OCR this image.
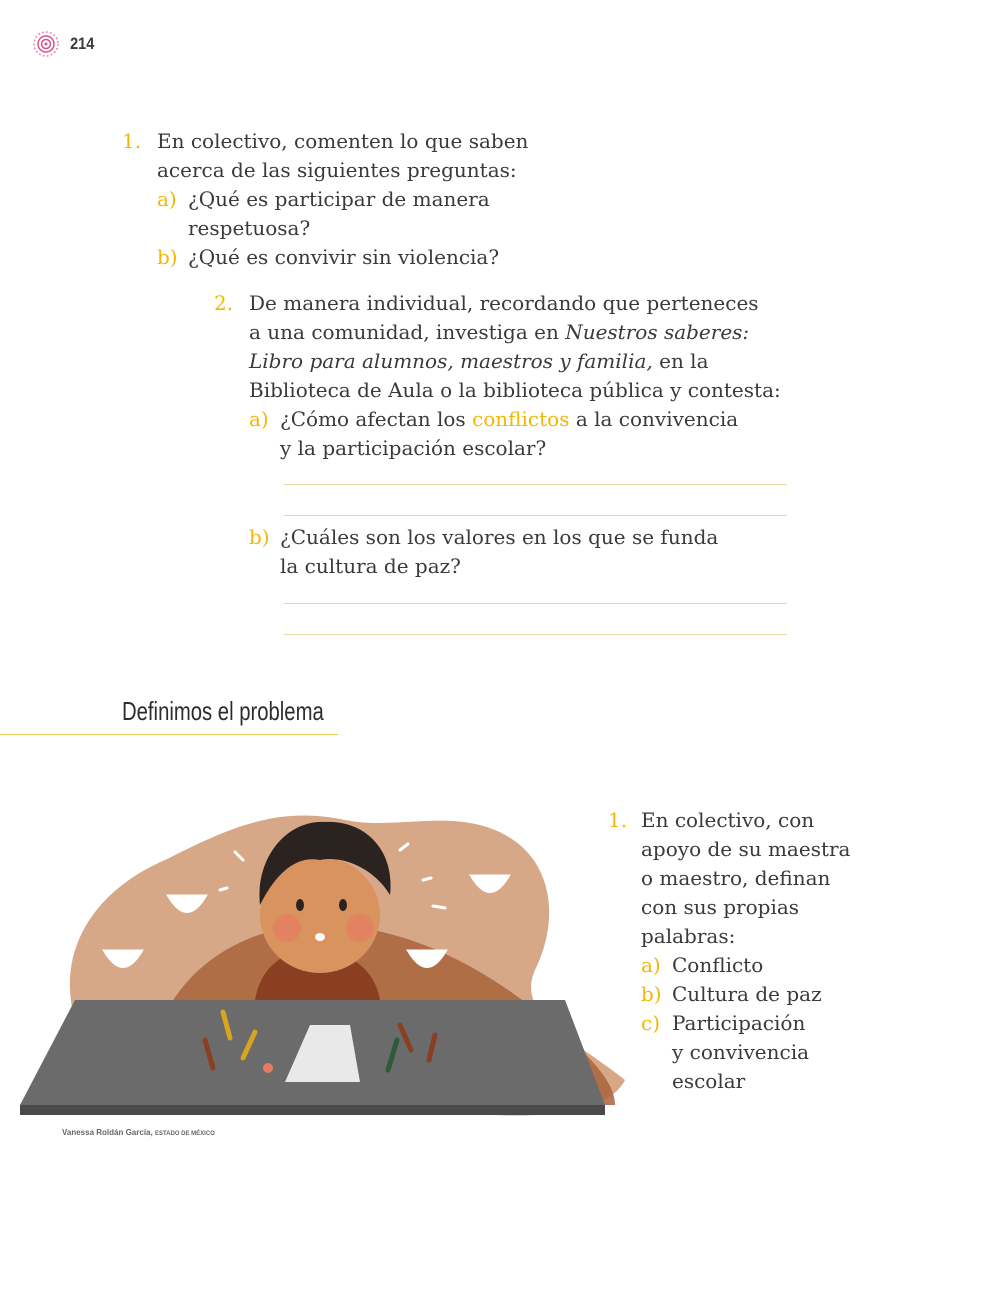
214
1. En colectivo, comenten lo que saben

acerca de las siguientes preguntas:

a) ¿Qué es participar de manera

respetuosa?

b) ¿Qué es convivir sin violencia?

2. De manera individual, recordando que perteneces

a una comunidad, investiga en Nuestros saberes:

Libro para alumnos, maestros y familia, en la

Biblioteca de Aula o la biblioteca pública y contesta:

a) ¿Cómo afectan los conflictos a la convivencia

y la participación escolar?

b) ¿Cuáles son los valores en los que se funda

la cultura de paz?

Definimos el problema
Vanessa Roldán García, ESTADO DE MÉXICO
1. En colectivo, con

apoyo de su maestra

o maestro, definan

con sus propias

palabras:

a) Conflicto

b) Cultura de paz

c) Participación

y convivencia

escolar
